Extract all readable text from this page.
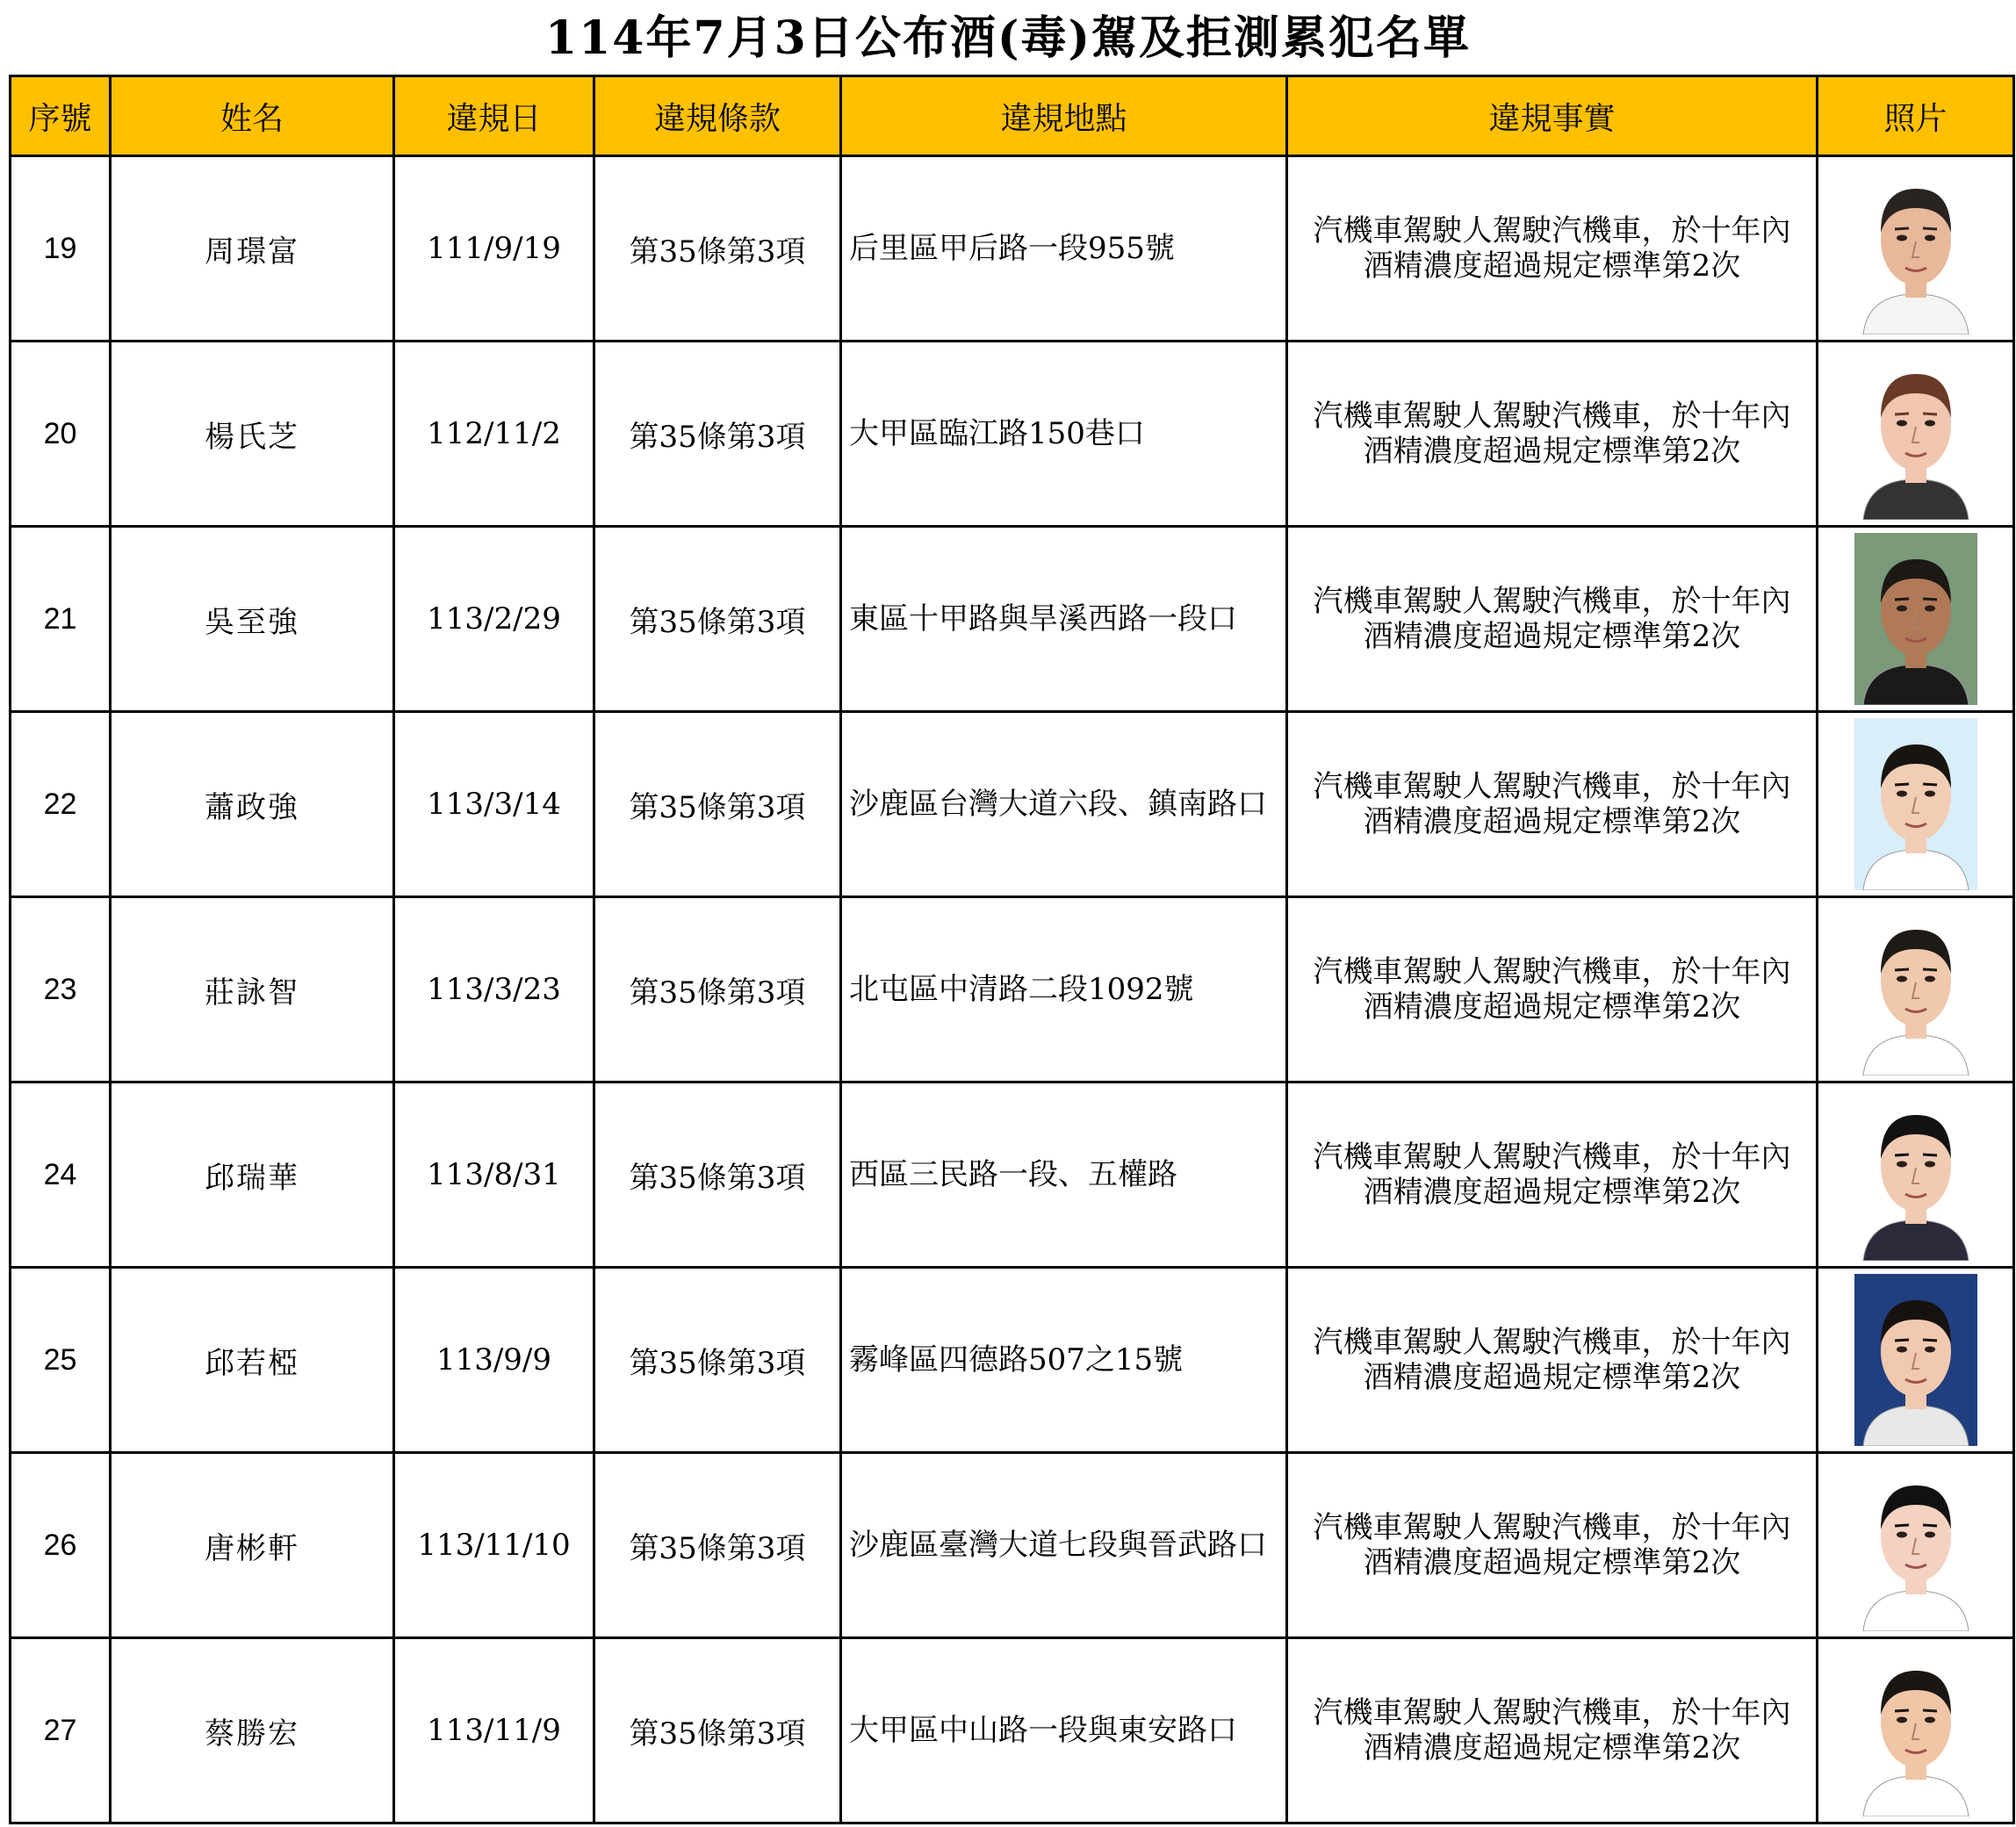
114年7月3日公布酒(毒)駕及拒測累犯名單
序號	姓名	違規日	違規條款	違規地點	違規事實	照片
19	周璟富	111/9/19	第35條第3項	后里區甲后路一段955號	汽機車駕駛人駕駛汽機車，於十年內
酒精濃度超過規定標準第2次

20	楊氏芝	112/11/2	第35條第3項	大甲區臨江路150巷口	汽機車駕駛人駕駛汽機車，於十年內
酒精濃度超過規定標準第2次

21	吳至強	113/2/29	第35條第3項	東區十甲路與旱溪西路一段口	汽機車駕駛人駕駛汽機車，於十年內
酒精濃度超過規定標準第2次

22	蕭政強	113/3/14	第35條第3項	沙鹿區台灣大道六段、鎮南路口	汽機車駕駛人駕駛汽機車，於十年內
酒精濃度超過規定標準第2次

23	莊詠智	113/3/23	第35條第3項	北屯區中清路二段1092號	汽機車駕駛人駕駛汽機車，於十年內
酒精濃度超過規定標準第2次

24	邱瑞華	113/8/31	第35條第3項	西區三民路一段、五權路	汽機車駕駛人駕駛汽機車，於十年內
酒精濃度超過規定標準第2次

25	邱若椏	113/9/9	第35條第3項	霧峰區四德路507之15號	汽機車駕駛人駕駛汽機車，於十年內
酒精濃度超過規定標準第2次

26	唐彬軒	113/11/10	第35條第3項	沙鹿區臺灣大道七段與晉武路口	汽機車駕駛人駕駛汽機車，於十年內
酒精濃度超過規定標準第2次

27	蔡勝宏	113/11/9	第35條第3項	大甲區中山路一段與東安路口	汽機車駕駛人駕駛汽機車，於十年內
酒精濃度超過規定標準第2次
